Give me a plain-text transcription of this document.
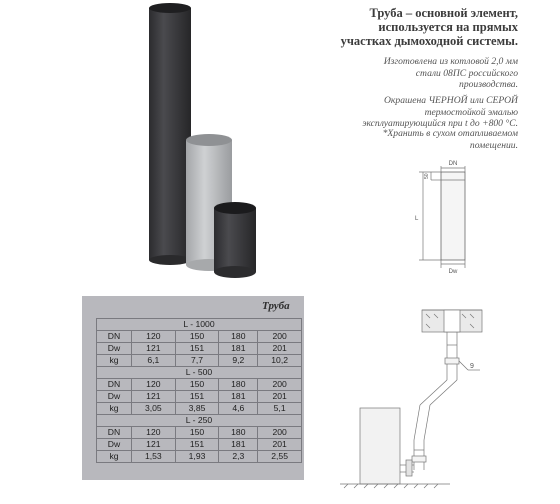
Труба – основной элемент,
используется на прямых
участках дымоходной системы.
Изготовлена из котловой 2,0 мм
стали 08ПС российского
производства.
Окрашена ЧЕРНОЙ или СЕРОЙ
термостойкой эмалью
эксплуатирующийся при t до +800 °С.
*Хранить в сухом отапливаемом
помещении.
DN
Dw
L
50
Труба
L - 1000				
DN	120	150	180	200
Dw	121	151	181	201
kg	6,1	7,7	9,2	10,2
L - 500				
DN	120	150	180	200
Dw	121	151	181	201
kg	3,05	3,85	4,6	5,1
L - 250				
DN	120	150	180	200
Dw	121	151	181	201
kg	1,53	1,93	2,3	2,55
9
